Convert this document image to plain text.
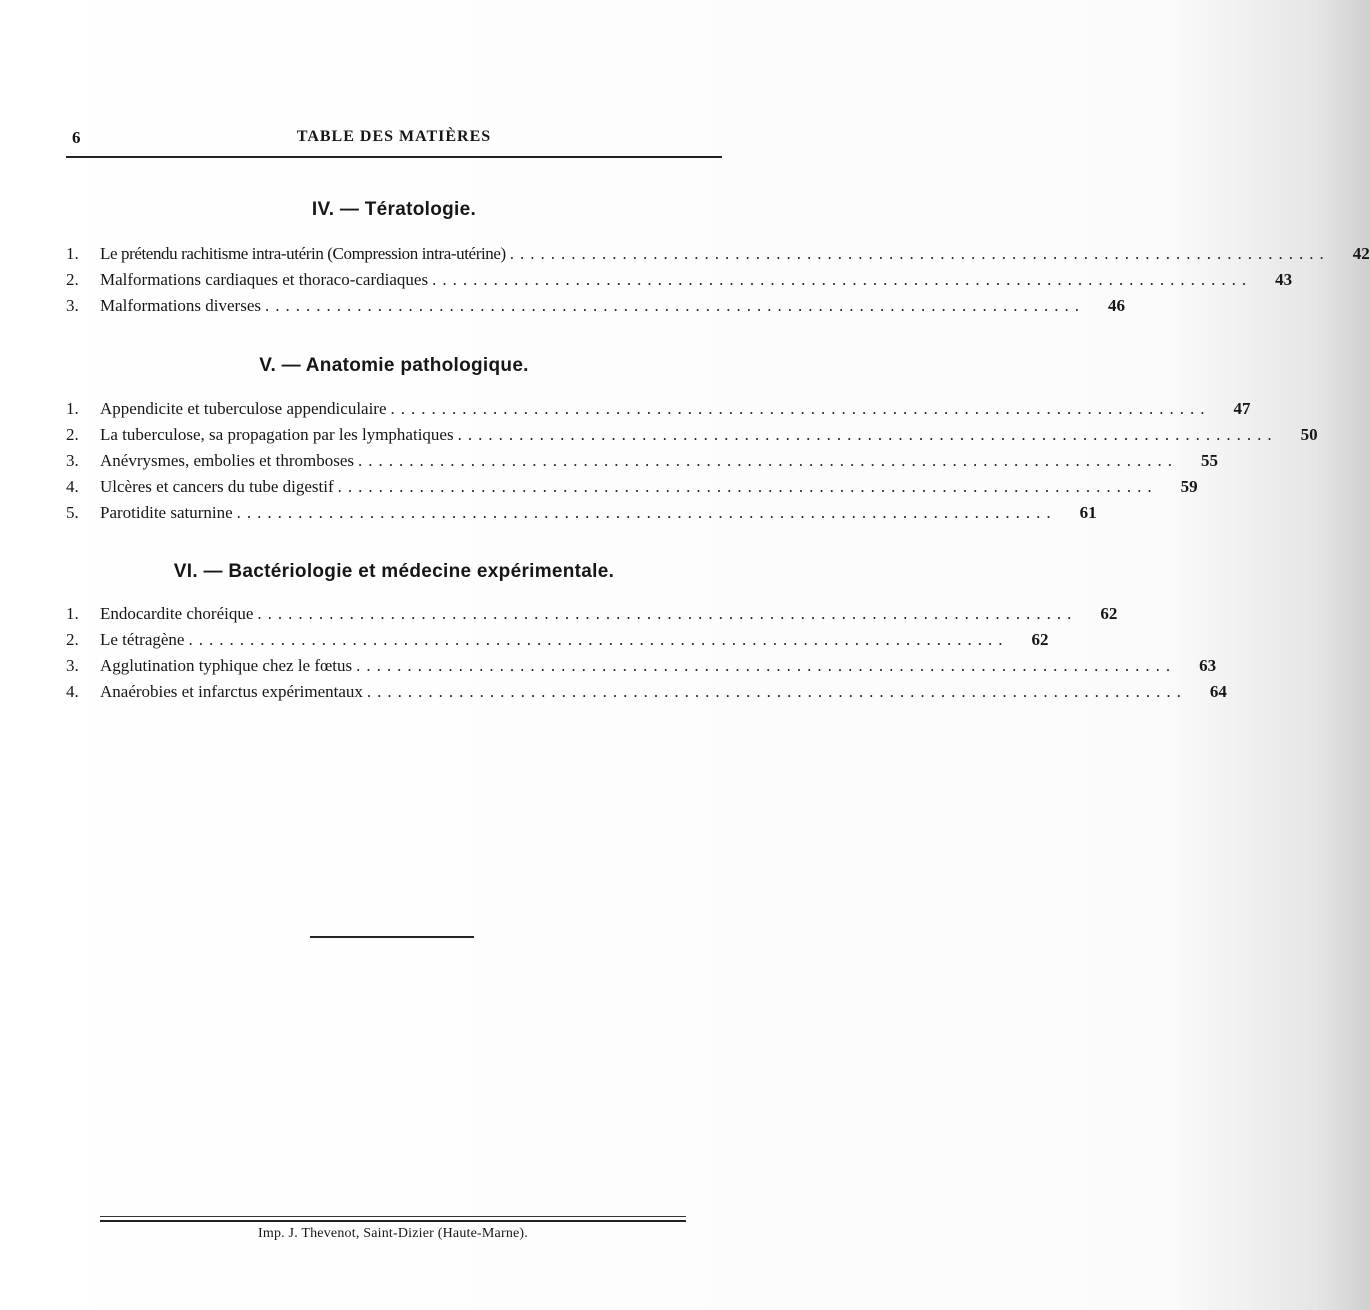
6	TABLE DES MATIÈRES
IV. — Tératologie.
1.	Le prétendu rachitisme intra-utérin (Compression intra-utérine) ................................................................................	42
2.	Malformations cardiaques et thoraco-cardiaques ................................................................................	43
3.	Malformations diverses ................................................................................	46
V. — Anatomie pathologique.
1.	Appendicite et tuberculose appendiculaire ................................................................................	47
2.	La tuberculose, sa propagation par les lymphatiques ................................................................................	50
3.	Anévrysmes, embolies et thromboses ................................................................................	55
4.	Ulcères et cancers du tube digestif ................................................................................	59
5.	Parotidite saturnine ................................................................................	61
VI. — Bactériologie et médecine expérimentale.
1.	Endocardite choréique ................................................................................	62
2.	Le tétragène ................................................................................	62
3.	Agglutination typhique chez le fœtus ................................................................................	63
4.	Anaérobies et infarctus expérimentaux ................................................................................	64
Imp. J. Thevenot, Saint-Dizier (Haute-Marne).
